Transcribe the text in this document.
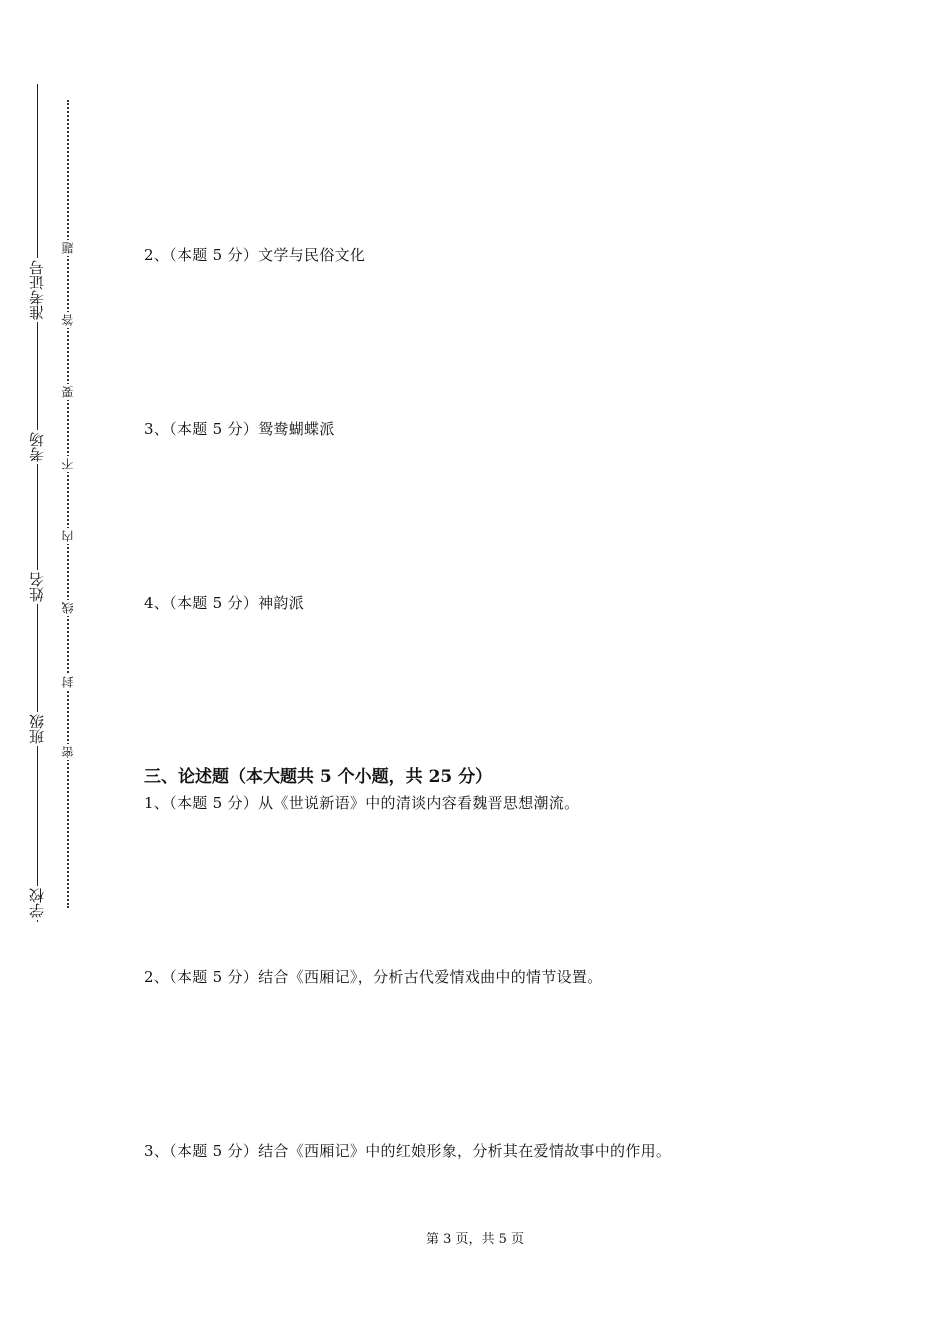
学校
班级
姓名
考场
准考证号
密
封
线
内
不
要
答
题	2、（本题 5 分）文学与民俗文化
3、（本题 5 分）鸳鸯蝴蝶派
4、（本题 5 分）神韵派
三、论述题（本大题共 5 个小题，共 25 分）
1、（本题 5 分）从《世说新语》中的清谈内容看魏晋思想潮流。
2、（本题 5 分）结合《西厢记》，分析古代爱情戏曲中的情节设置。
3、（本题 5 分）结合《西厢记》中的红娘形象，分析其在爱情故事中的作用。
第 3 页，共 5 页
